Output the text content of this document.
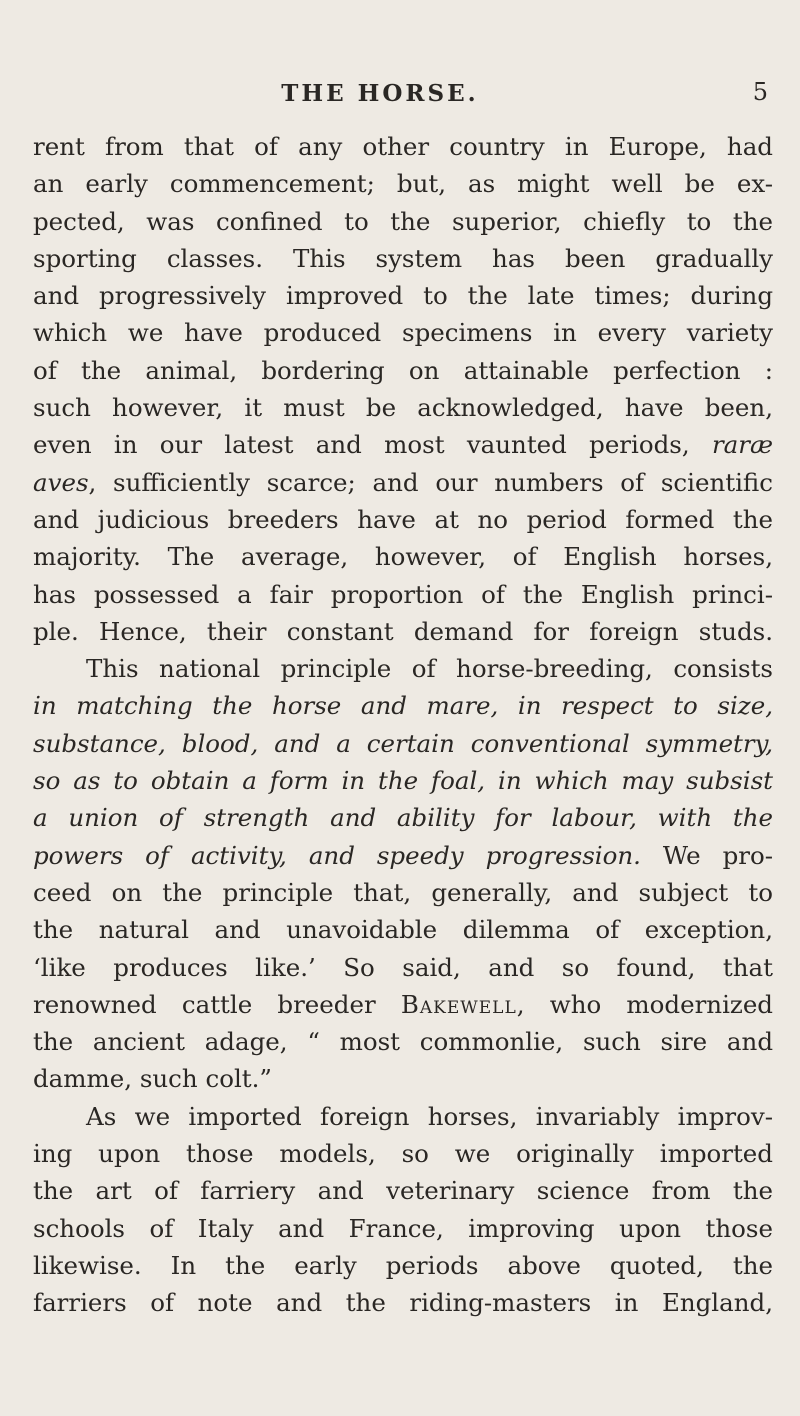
THE HORSE.	5
rent from that of any other country in Europe, had
an early commencement; but, as might well be ex-
pected, was confined to the superior, chiefly to the
sporting classes. This system has been gradually
and progressively improved to the late times; during
which we have produced specimens in every variety
of the animal, bordering on attainable perfection :
such however, it must be acknowledged, have been,
even in our latest and most vaunted periods, raræ
aves, sufficiently scarce; and our numbers of scientific
and judicious breeders have at no period formed the
majority. The average, however, of English horses,
has possessed a fair proportion of the English princi-
ple. Hence, their constant demand for foreign studs.
This national principle of horse-breeding, consists
in matching the horse and mare, in respect to size,
substance, blood, and a certain conventional symmetry,
so as to obtain a form in the foal, in which may subsist
a union of strength and ability for labour, with the
powers of activity, and speedy progression. We pro-
ceed on the principle that, generally, and subject to
the natural and unavoidable dilemma of exception,
‘like produces like.’ So said, and so found, that
renowned cattle breeder Bakewell, who modernized
the ancient adage, “ most commonlie, such sire and
damme, such colt.”
As we imported foreign horses, invariably improv-
ing upon those models, so we originally imported
the art of farriery and veterinary science from the
schools of Italy and France, improving upon those
likewise. In the early periods above quoted, the
farriers of note and the riding-masters in England,
